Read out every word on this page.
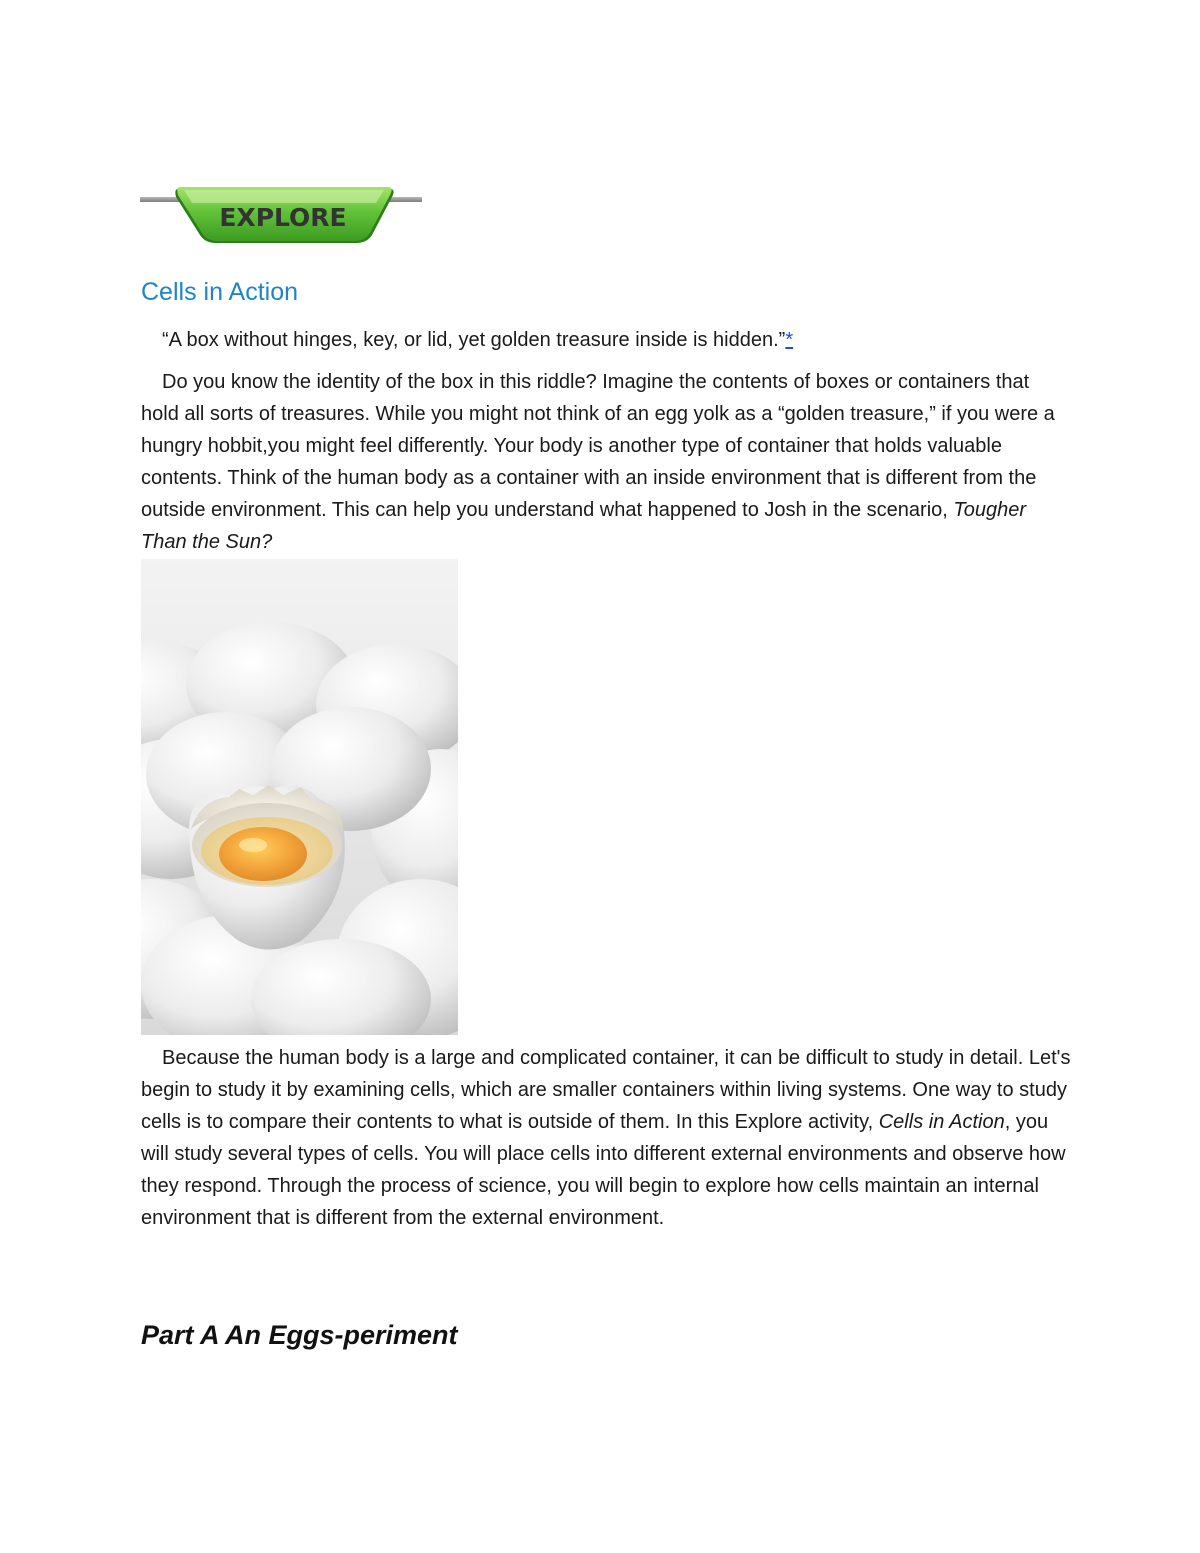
EXPLORE
Cells in Action

“A box without hinges, key, or lid, yet golden treasure inside is hidden.”*

Do you know the identity of the box in this riddle? Imagine the contents of boxes or containers that hold all sorts of treasures. While you might not think of an egg yolk as a “golden treasure,” if you were a hungry hobbit,you might feel differently. Your body is another type of container that holds valuable contents. Think of the human body as a container with an inside environment that is different from the outside environment. This can help you understand what happened to Josh in the scenario, Tougher Than the Sun?

Because the human body is a large and complicated container, it can be difficult to study in detail. Let's begin to study it by examining cells, which are smaller containers within living systems. One way to study cells is to compare their contents to what is outside of them. In this Explore activity, Cells in Action, you will study several types of cells. You will place cells into different external environments and observe how they respond. Through the process of science, you will begin to explore how cells maintain an internal environment that is different from the external environment.

Part A An Eggs-periment
